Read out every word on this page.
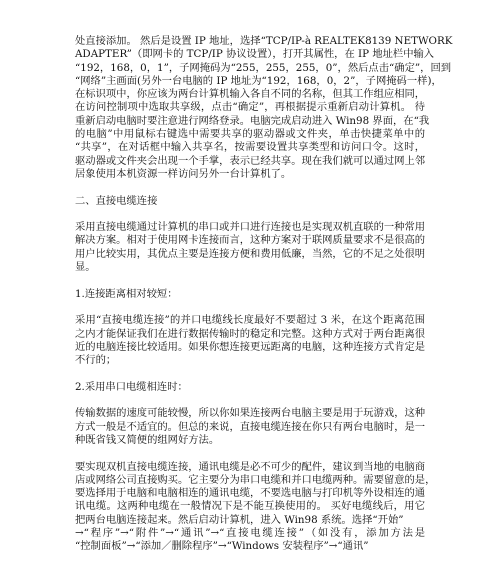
处直接添加。 然后是设置 IP 地址，选择“TCP/IP-à REALTEK8139 NETWORK
ADAPTER”（即网卡的 TCP/IP 协议设置），打开其属性，在 IP 地址栏中输入
“192，168，0，1”，子网掩码为“255，255，255，0”，然后点击“确定”，回到
“网络”主画面(另外一台电脑的 IP 地址为“192，168，0，2”，子网掩码一样)，
在标识项中，你应该为两台计算机输入各自不同的名称，但其工作组应相同，
在访问控制项中选取共享级，点击“确定”，再根据提示重新启动计算机。 待
重新启动电脑时要注意进行网络登录。电脑完成启动进入 Win98 界面，在“我
的电脑”中用鼠标右键选中需要共享的驱动器或文件夹，单击快捷菜单中的
“共享”，在对话框中输入共享名，按需要设置共享类型和访问口令。这时，
驱动器或文件夹会出现一个手掌，表示已经共享。现在我们就可以通过网上邻
居象使用本机资源一样访问另外一台计算机了。
二、直接电缆连接
采用直接电缆通过计算机的串口或并口进行连接也是实现双机直联的一种常用
解决方案。相对于使用网卡连接而言，这种方案对于联网质量要求不是很高的
用户比较实用，其优点主要是连接方便和费用低廉，当然，它的不足之处很明
显。
1.连接距离相对较短：
采用“直接电缆连接”的并口电缆线长度最好不要超过 3 米，在这个距离范围
之内才能保证我们在进行数据传输时的稳定和完整。这种方式对于两台距离很
近的电脑连接比较适用。如果你想连接更远距离的电脑，这种连接方式肯定是
不行的；
2.采用串口电缆相连时：
传输数据的速度可能较慢，所以你如果连接两台电脑主要是用于玩游戏，这种
方式一般是不适宜的。但总的来说，直接电缆连接在你只有两台电脑时，是一
种既省钱又简便的组网好方法。
要实现双机直接电缆连接，通讯电缆是必不可少的配件，建议到当地的电脑商
店或网络公司直接购买。它主要分为串口电缆和并口电缆两种。需要留意的是，
要选择用于电脑和电脑相连的通讯电缆，不要选电脑与打印机等外设相连的通
讯电缆。这两种电缆在一般情况下是不能互换使用的。 买好电缆线后，用它
把两台电脑连接起来。然后启动计算机，进入 Win98 系统。选择“开始”
→“程序”→“附件”→“通讯”→“直接电缆连接”（如没有，添加方法是
“控制面板”→“添加／删除程序”→“Windows 安装程序”→“通讯”
